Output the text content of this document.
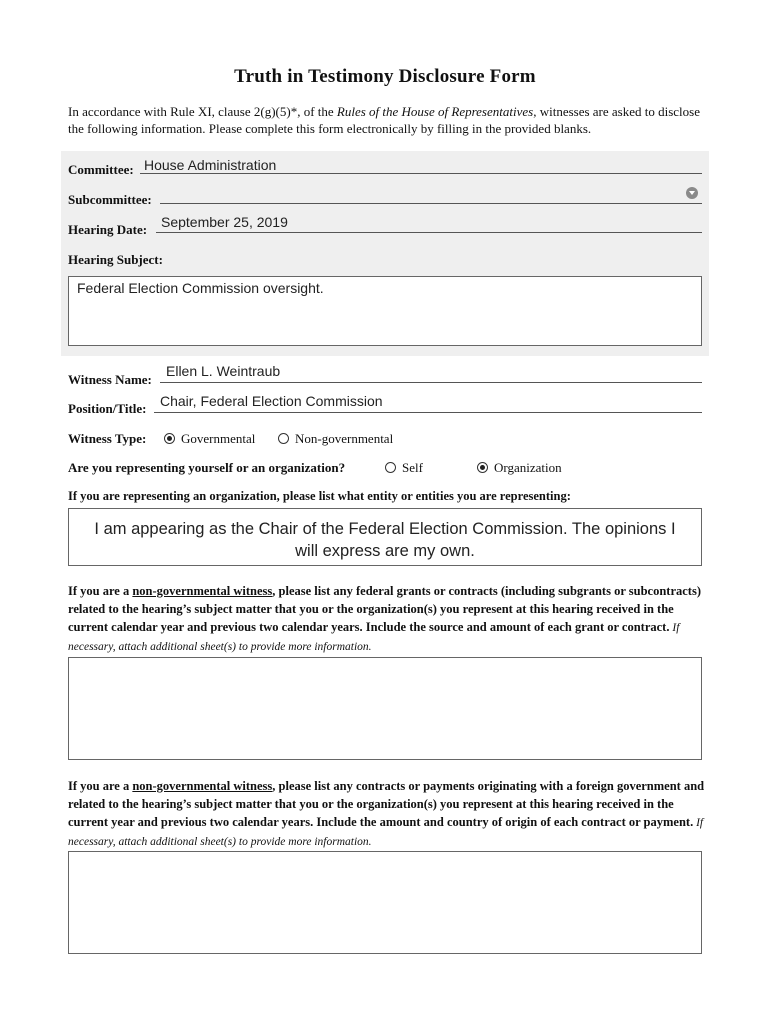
Truth in Testimony Disclosure Form
In accordance with Rule XI, clause 2(g)(5)*, of the Rules of the House of Representatives, witnesses are asked to disclose the following information. Please complete this form electronically by filling in the provided blanks.
Committee: House Administration
Subcommittee:
Hearing Date: September 25, 2019
Hearing Subject:
Federal Election Commission oversight.
Witness Name:
Ellen L. Weintraub
Position/Title: Chair, Federal Election Commission
Witness Type:	Governmental	Non-governmental
Are you representing yourself or an organization?	Self	Organization
If you are representing an organization, please list what entity or entities you are representing:
I am appearing as the Chair of the Federal Election Commission. The opinions I will express are my own.
If you are a non-governmental witness, please list any federal grants or contracts (including subgrants or subcontracts) related to the hearing’s subject matter that you or the organization(s) you represent at this hearing received in the current calendar year and previous two calendar years. Include the source and amount of each grant or contract. If necessary, attach additional sheet(s) to provide more information.
If you are a non-governmental witness, please list any contracts or payments originating with a foreign government and related to the hearing’s subject matter that you or the organization(s) you represent at this hearing received in the current year and previous two calendar years. Include the amount and country of origin of each contract or payment. If necessary, attach additional sheet(s) to provide more information.
